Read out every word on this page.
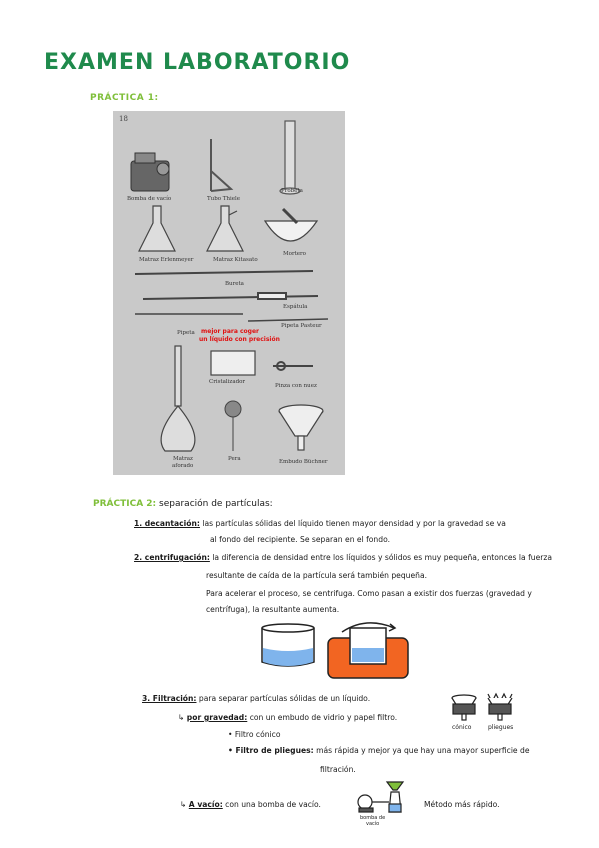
EXAMEN LABORATORIO
PRÁCTICA 1:
18
Bomba de vacío	Tubo Thiele
Probeta
Matraz Erlenmeyer	Matraz Kitasato
Mortero
Bureta
Espátula
Pipeta
Pipeta Pasteur
Cristalizador
Pinza con nuez
Matraz
aforado
Pera	Embudo Büchner
mejor para coger
un líquido con precisión
PRÁCTICA 2: separación de partículas:
1. decantación: las partículas sólidas del líquido tienen mayor densidad y por la gravedad se va
al fondo del recipiente. Se separan en el fondo.
2. centrifugación: la diferencia de densidad entre los líquidos y sólidos es muy pequeña, entonces la fuerza
resultante de caída de la partícula será también pequeña.
Para acelerar el proceso, se centrifuga. Como pasan a existir dos fuerzas (gravedad y
centrífuga), la resultante aumenta.
3. Filtración: para separar partículas sólidas de un líquido.
↳ por gravedad: con un embudo de vidrio y papel filtro.
• Filtro cónico
• Filtro de pliegues: más rápida y mejor ya que hay una mayor superficie de
filtración.
cónico	pliegues
↳ A vacío: con una bomba de vacío.
bomba de
vacío
Método más rápido.
